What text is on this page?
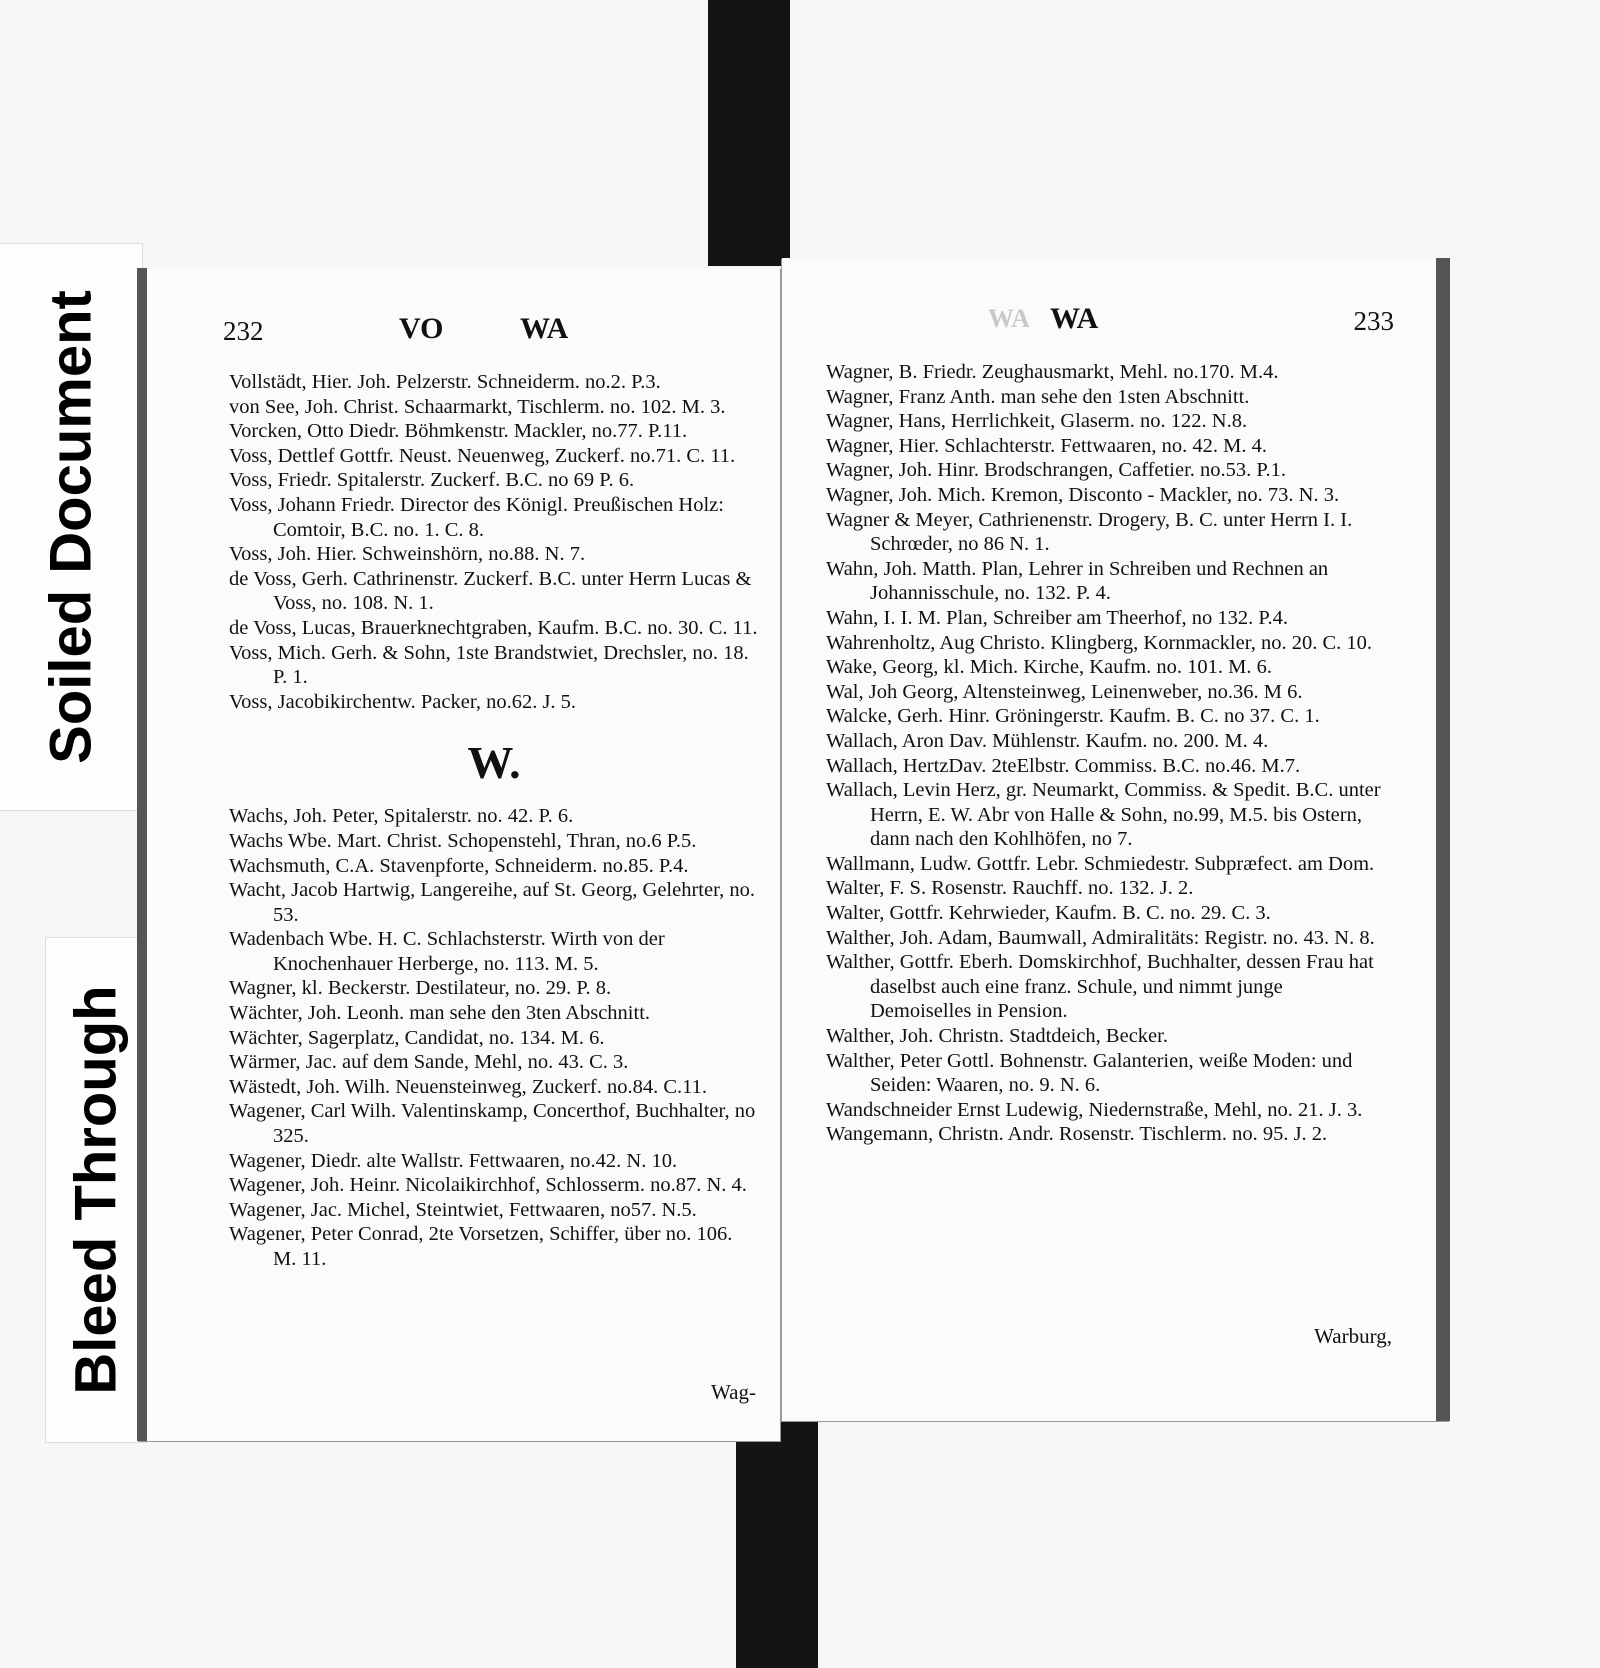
Soiled Document
Bleed Through
232	VO	WA
Vollstädt, Hier. Joh. Pelzerstr. Schneiderm. no.2. P.3.
von See, Joh. Christ. Schaarmarkt, Tischlerm. no. 102. M. 3.
Vorcken, Otto Diedr. Böhmkenstr. Mackler, no.77. P.11.
Voss, Dettlef Gottfr. Neust. Neuenweg, Zuckerf. no.71. C. 11.
Voss, Friedr. Spitalerstr. Zuckerf. B.C. no 69 P. 6.
Voss, Johann Friedr. Director des Königl. Preußischen Holz: Comtoir, B.C. no. 1. C. 8.
Voss, Joh. Hier. Schweinshörn, no.88. N. 7.
de Voss, Gerh. Cathrinenstr. Zuckerf. B.C. unter Herrn Lucas & Voss, no. 108. N. 1.
de Voss, Lucas, Brauerknechtgraben, Kaufm. B.C. no. 30. C. 11.
Voss, Mich. Gerh. & Sohn, 1ste Brandstwiet, Drechsler, no. 18. P. 1.
Voss, Jacobikirchentw. Packer, no.62. J. 5.
W.
Wachs, Joh. Peter, Spitalerstr. no. 42. P. 6.
Wachs Wbe. Mart. Christ. Schopenstehl, Thran, no.6 P.5.
Wachsmuth, C.A. Stavenpforte, Schneiderm. no.85. P.4.
Wacht, Jacob Hartwig, Langereihe, auf St. Georg, Gelehrter, no. 53.
Wadenbach Wbe. H. C. Schlachsterstr. Wirth von der Knochenhauer Herberge, no. 113. M. 5.
Wagner, kl. Beckerstr. Destilateur, no. 29. P. 8.
Wächter, Joh. Leonh. man sehe den 3ten Abschnitt.
Wächter, Sagerplatz, Candidat, no. 134. M. 6.
Wärmer, Jac. auf dem Sande, Mehl, no. 43. C. 3.
Wästedt, Joh. Wilh. Neuensteinweg, Zuckerf. no.84. C.11.
Wagener, Carl Wilh. Valentinskamp, Concerthof, Buchhalter, no 325.
Wagener, Diedr. alte Wallstr. Fettwaaren, no.42. N. 10.
Wagener, Joh. Heinr. Nicolaikirchhof, Schlosserm. no.87. N. 4.
Wagener, Jac. Michel, Steintwiet, Fettwaaren, no57. N.5.
Wagener, Peter Conrad, 2te Vorsetzen, Schiffer, über no. 106. M. 11.
Wag-
WA WA	233
Wagner, B. Friedr. Zeughausmarkt, Mehl. no.170. M.4.
Wagner, Franz Anth. man sehe den 1sten Abschnitt.
Wagner, Hans, Herrlichkeit, Glaserm. no. 122. N.8.
Wagner, Hier. Schlachterstr. Fettwaaren, no. 42. M. 4.
Wagner, Joh. Hinr. Brodschrangen, Caffetier. no.53. P.1.
Wagner, Joh. Mich. Kremon, Disconto - Mackler, no. 73. N. 3.
Wagner & Meyer, Cathrienenstr. Drogery, B. C. unter Herrn I. I. Schrœder, no 86 N. 1.
Wahn, Joh. Matth. Plan, Lehrer in Schreiben und Rechnen an Johannisschule, no. 132. P. 4.
Wahn, I. I. M. Plan, Schreiber am Theerhof, no 132. P.4.
Wahrenholtz, Aug Christo. Klingberg, Kornmackler, no. 20. C. 10.
Wake, Georg, kl. Mich. Kirche, Kaufm. no. 101. M. 6.
Wal, Joh Georg, Altensteinweg, Leinenweber, no.36. M 6.
Walcke, Gerh. Hinr. Gröningerstr. Kaufm. B. C. no 37. C. 1.
Wallach, Aron Dav. Mühlenstr. Kaufm. no. 200. M. 4.
Wallach, HertzDav. 2teElbstr. Commiss. B.C. no.46. M.7.
Wallach, Levin Herz, gr. Neumarkt, Commiss. & Spedit. B.C. unter Herrn, E. W. Abr von Halle & Sohn, no.99, M.5. bis Ostern, dann nach den Kohlhöfen, no 7.
Wallmann, Ludw. Gottfr. Lebr. Schmiedestr. Subpræfect. am Dom.
Walter, F. S. Rosenstr. Rauchff. no. 132. J. 2.
Walter, Gottfr. Kehrwieder, Kaufm. B. C. no. 29. C. 3.
Walther, Joh. Adam, Baumwall, Admiralitäts: Registr. no. 43. N. 8.
Walther, Gottfr. Eberh. Domskirchhof, Buchhalter, dessen Frau hat daselbst auch eine franz. Schule, und nimmt junge Demoiselles in Pension.
Walther, Joh. Christn. Stadtdeich, Becker.
Walther, Peter Gottl. Bohnenstr. Galanterien, weiße Moden: und Seiden: Waaren, no. 9. N. 6.
Wandschneider Ernst Ludewig, Niedernstraße, Mehl, no. 21. J. 3.
Wangemann, Christn. Andr. Rosenstr. Tischlerm. no. 95. J. 2.
Warburg,
